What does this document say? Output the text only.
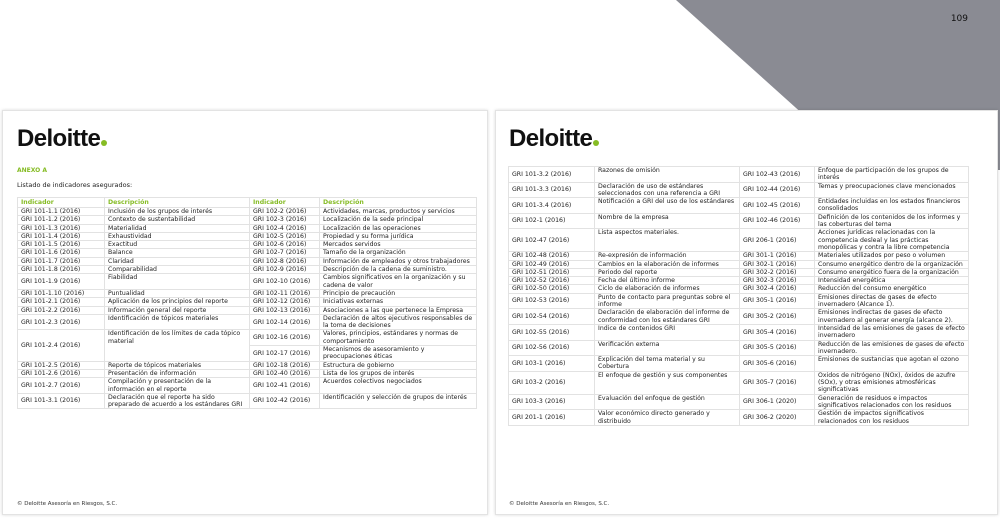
109
Deloitte
ANEXO A
Listado de indicadores asegurados:
Indicador	Descripción	Indicador	Descripción
GRI 101-1.1 (2016)	Inclusión de los grupos de interés	GRI 102-2 (2016)	Actividades, marcas, productos y servicios
GRI 101-1.2 (2016)	Contexto de sustentabilidad	GRI 102-3 (2016)	Localización de la sede principal
GRI 101-1.3 (2016)	Materialidad	GRI 102-4 (2016)	Localización de las operaciones
GRI 101-1.4 (2016)	Exhaustividad	GRI 102-5 (2016)	Propiedad y su forma jurídica
GRI 101-1.5 (2016)	Exactitud	GRI 102-6 (2016)	Mercados servidos
GRI 101-1.6 (2016)	Balance	GRI 102-7 (2016)	Tamaño de la organización
GRI 101-1.7 (2016)	Claridad	GRI 102-8 (2016)	Información de empleados y otros trabajadores
GRI 101-1.8 (2016)	Comparabilidad	GRI 102-9 (2016)	Descripción de la cadena de suministro.
GRI 101-1.9 (2016)	Fiabilidad	GRI 102-10 (2016)	Cambios significativos en la organización y su cadena de valor
GRI 101-1.10 (2016)	Puntualidad	GRI 102-11 (2016)	Principio de precaución
GRI 101-2.1 (2016)	Aplicación de los principios del reporte	GRI 102-12 (2016)	Iniciativas externas
GRI 101-2.2 (2016)	Información general del reporte	GRI 102-13 (2016)	Asociaciones a las que pertenece la Empresa
GRI 101-2.3 (2016)	Identificación de tópicos materiales	GRI 102-14 (2016)	Declaración de altos ejecutivos responsables de la toma de decisiones
GRI 101-2.4 (2016)	Identificación de los límites de cada tópico material	GRI 102-16 (2016)	Valores, principios, estándares y normas de comportamiento
		GRI 102-17 (2016)	Mecanismos de asesoramiento y preocupaciones éticas
GRI 101-2.5 (2016)	Reporte de tópicos materiales	GRI 102-18 (2016)	Estructura de gobierno
GRI 101-2.6 (2016)	Presentación de información	GRI 102-40 (2016)	Lista de los grupos de interés
GRI 101-2.7 (2016)	Compilación y presentación de la información en el reporte	GRI 102-41 (2016)	Acuerdos colectivos negociados
GRI 101-3.1 (2016)	Declaración que el reporte ha sido preparado de acuerdo a los estándares GRI	GRI 102-42 (2016)	Identificación y selección de grupos de interés
© Deloitte Asesoría en Riesgos, S.C.
Deloitte
GRI 101-3.2 (2016)	Razones de omisión	GRI 102-43 (2016)	Enfoque de participación de los grupos de interés
GRI 101-3.3 (2016)	Declaración de uso de estándares seleccionados con una referencia a GRI	GRI 102-44 (2016)	Temas y preocupaciones clave mencionados
GRI 101-3.4 (2016)	Notificación a GRI del uso de los estándares	GRI 102-45 (2016)	Entidades incluidas en los estados financieros consolidados
GRI 102-1 (2016)	Nombre de la empresa	GRI 102-46 (2016)	Definición de los contenidos de los informes y las coberturas del tema
GRI 102-47 (2016)	Lista aspectos materiales.	GRI 206-1 (2016)	Acciones jurídicas relacionadas con la competencia desleal y las prácticas monopólicas y contra la libre competencia
GRI 102-48 (2016)	Re-expresión de información	GRI 301-1 (2016)	Materiales utilizados por peso o volumen
GRI 102-49 (2016)	Cambios en la elaboración de informes	GRI 302-1 (2016)	Consumo energético dentro de la organización
GRI 102-51 (2016)	Periodo del reporte	GRI 302-2 (2016)	Consumo energético fuera de la organización
GRI 102-52 (2016)	Fecha del último informe	GRI 302-3 (2016)	Intensidad energética
GRI 102-50 (2016)	Ciclo de elaboración de informes	GRI 302-4 (2016)	Reducción del consumo energético
GRI 102-53 (2016)	Punto de contacto para preguntas sobre el informe	GRI 305-1 (2016)	Emisiones directas de gases de efecto invernadero (Alcance 1).
GRI 102-54 (2016)	Declaración de elaboración del informe de conformidad con los estándares GRI	GRI 305-2 (2016)	Emisiones indirectas de gases de efecto invernadero al generar energía (alcance 2).
GRI 102-55 (2016)	Índice de contenidos GRI	GRI 305-4 (2016)	Intensidad de las emisiones de gases de efecto invernadero
GRI 102-56 (2016)	Verificación externa	GRI 305-5 (2016)	Reducción de las emisiones de gases de efecto invernadero.
GRI 103-1 (2016)	Explicación del tema material y su Cobertura	GRI 305-6 (2016)	Emisiones de sustancias que agotan el ozono
GRI 103-2 (2016)	El enfoque de gestión y sus componentes	GRI 305-7 (2016)	Óxidos de nitrógeno (NOx), óxidos de azufre (SOx), y otras emisiones atmosféricas significativas
GRI 103-3 (2016)	Evaluación del enfoque de gestión	GRI 306-1 (2020)	Generación de residuos e impactos significativos relacionados con los residuos
GRI 201-1 (2016)	Valor económico directo generado y distribuido	GRI 306-2 (2020)	Gestión de impactos significativos relacionados con los residuos
© Deloitte Asesoría en Riesgos, S.C.
